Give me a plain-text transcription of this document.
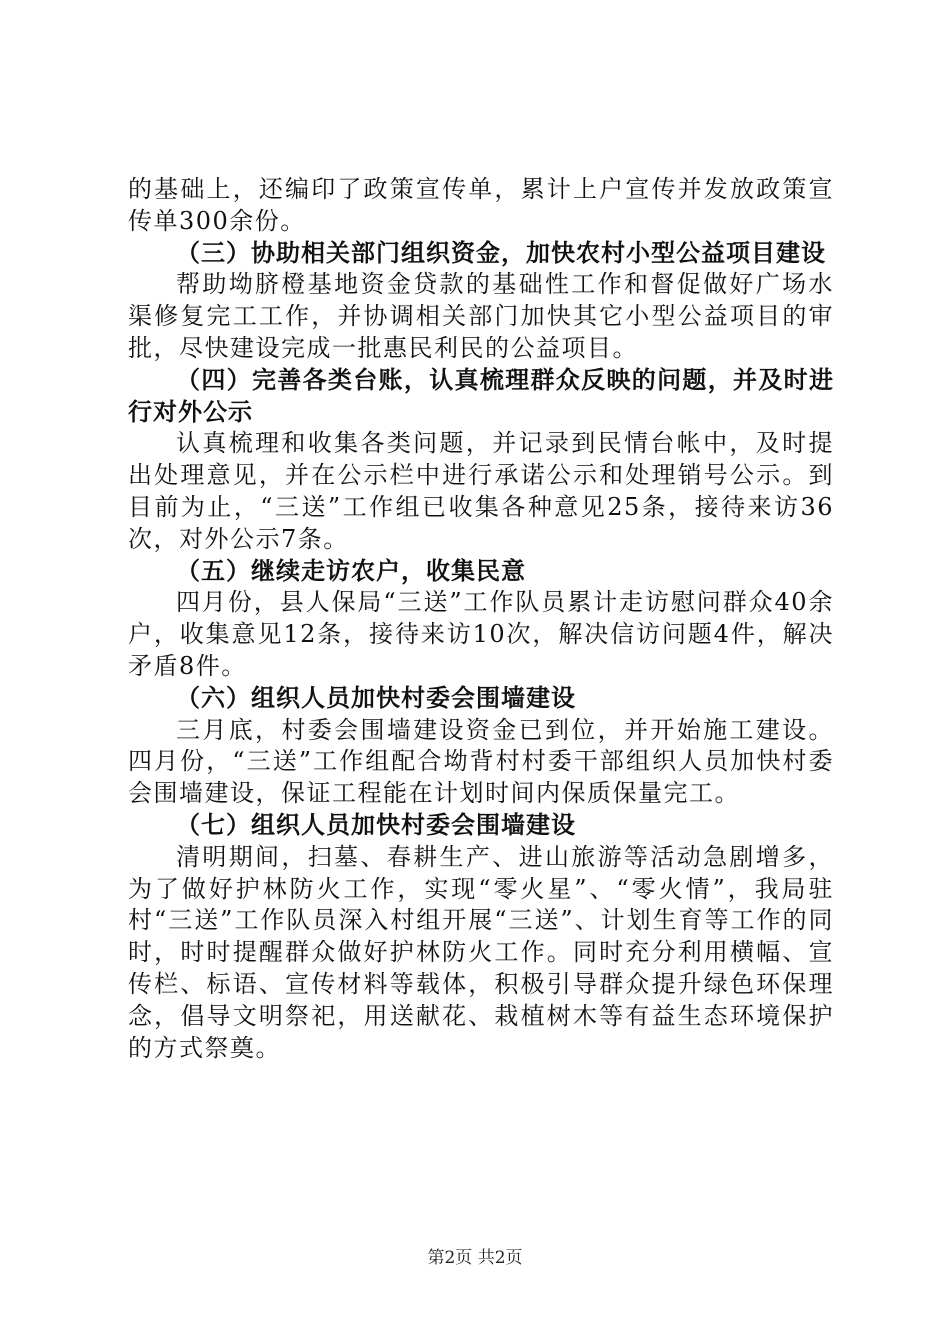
的基础上，还编印了政策宣传单，累计上户宣传并发放政策宣传单300余份。

（三）协助相关部门组织资金，加快农村小型公益项目建设

帮助坳脐橙基地资金贷款的基础性工作和督促做好广场水渠修复完工工作，并协调相关部门加快其它小型公益项目的审批，尽快建设完成一批惠民利民的公益项目。

（四）完善各类台账，认真梳理群众反映的问题，并及时进行对外公示

认真梳理和收集各类问题，并记录到民情台帐中，及时提出处理意见，并在公示栏中进行承诺公示和处理销号公示。到目前为止，“三送”工作组已收集各种意见25条，接待来访36次，对外公示7条。

（五）继续走访农户，收集民意

四月份，县人保局“三送”工作队员累计走访慰问群众40余户，收集意见12条，接待来访10次，解决信访问题4件，解决矛盾8件。

（六）组织人员加快村委会围墙建设

三月底，村委会围墙建设资金已到位，并开始施工建设。四月份，“三送”工作组配合坳背村村委干部组织人员加快村委会围墙建设，保证工程能在计划时间内保质保量完工。

（七）组织人员加快村委会围墙建设

清明期间，扫墓、春耕生产、进山旅游等活动急剧增多，为了做好护林防火工作，实现“零火星”、“零火情”，我局驻村“三送”工作队员深入村组开展“三送”、计划生育等工作的同时，时时提醒群众做好护林防火工作。同时充分利用横幅、宣传栏、标语、宣传材料等载体，积极引导群众提升绿色环保理念，倡导文明祭祀，用送献花、栽植树木等有益生态环境保护的方式祭奠。

第2页 共2页
